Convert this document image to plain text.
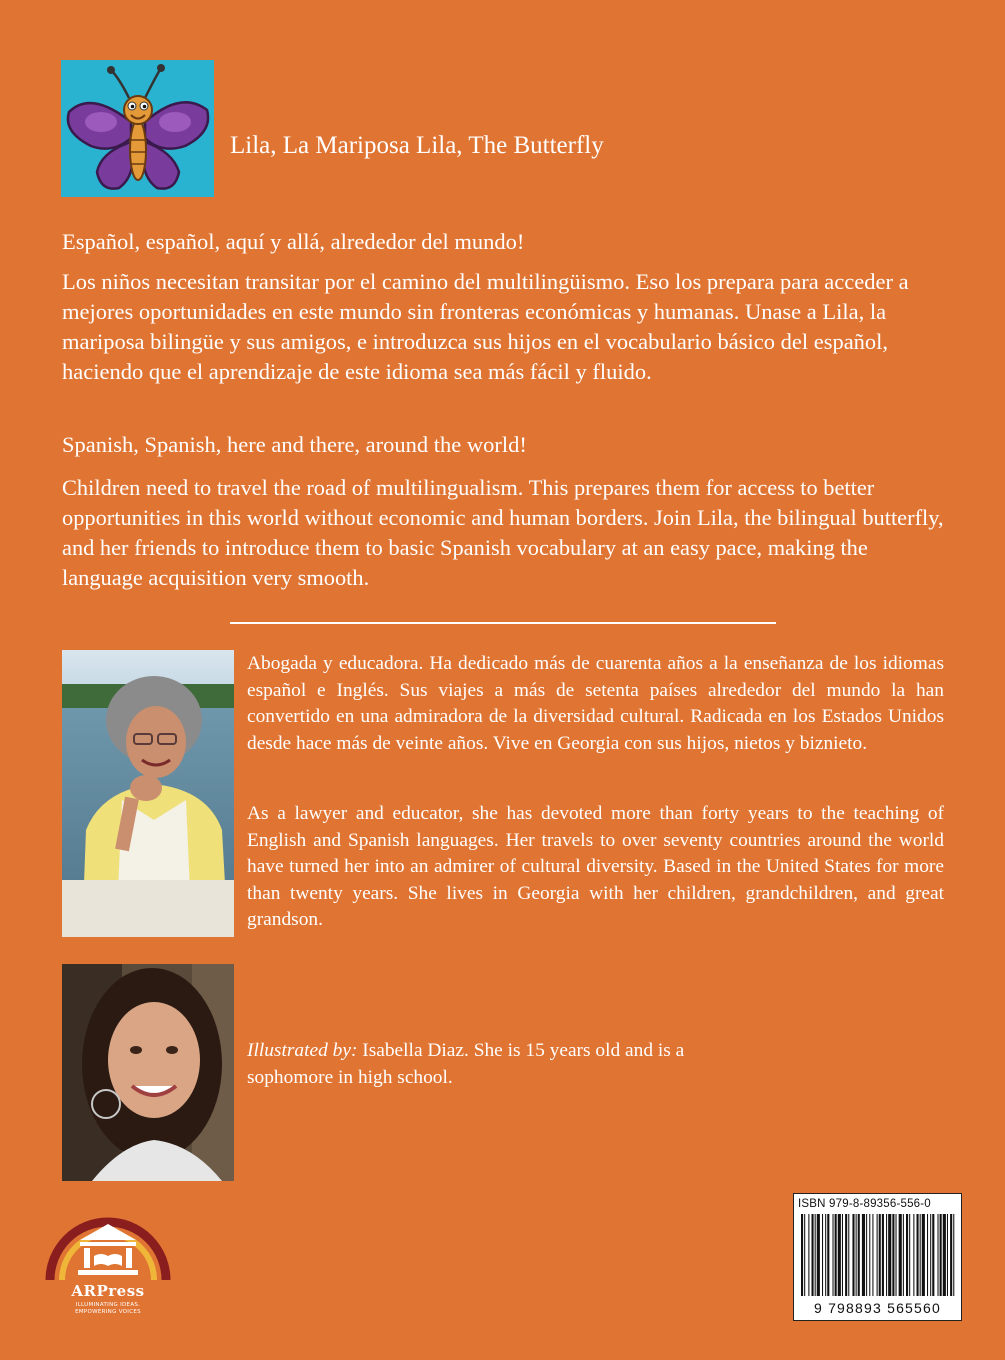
Lila, La Mariposa Lila, The Butterfly
Español, español, aquí y allá, alrededor del mundo!
Los niños necesitan transitar por el camino del multilingüismo. Eso los prepara para acceder a mejores oportunidades en este mundo sin fronteras económicas y humanas. Unase a Lila, la mariposa bilingüe y sus amigos, e introduzca sus hijos en el vocabulario básico del español, haciendo que el aprendizaje de este idioma sea más fácil y fluido.
Spanish, Spanish, here and there, around the world!
Children need to travel the road of multilingualism. This prepares them for access to better opportunities in this world without economic and human borders. Join Lila, the bilingual butterfly, and her friends to introduce them to basic Spanish vocabulary at an easy pace, making the language acquisition very smooth.
Abogada y educadora. Ha dedicado más de cuarenta años a la enseñanza de los idiomas español e Inglés. Sus viajes a más de setenta países alrededor del mundo la han convertido en una admiradora de la diversidad cultural. Radicada en los Estados Unidos desde hace más de veinte años. Vive en Georgia con sus hijos, nietos y biznieto.
As a lawyer and educator, she has devoted more than forty years to the teaching of English and Spanish languages. Her travels to over seventy countries around the world have turned her into an admirer of cultural diversity. Based in the United States for more than twenty years. She lives in Georgia with her children, grandchildren, and great grandson.
Illustrated by: Isabella Diaz. She is 15 years old and is a sophomore in high school.
ARPress
ILLUMINATING IDEAS.
EMPOWERING VOICES
ISBN 979-8-89356-556-0
9 798893 565560
